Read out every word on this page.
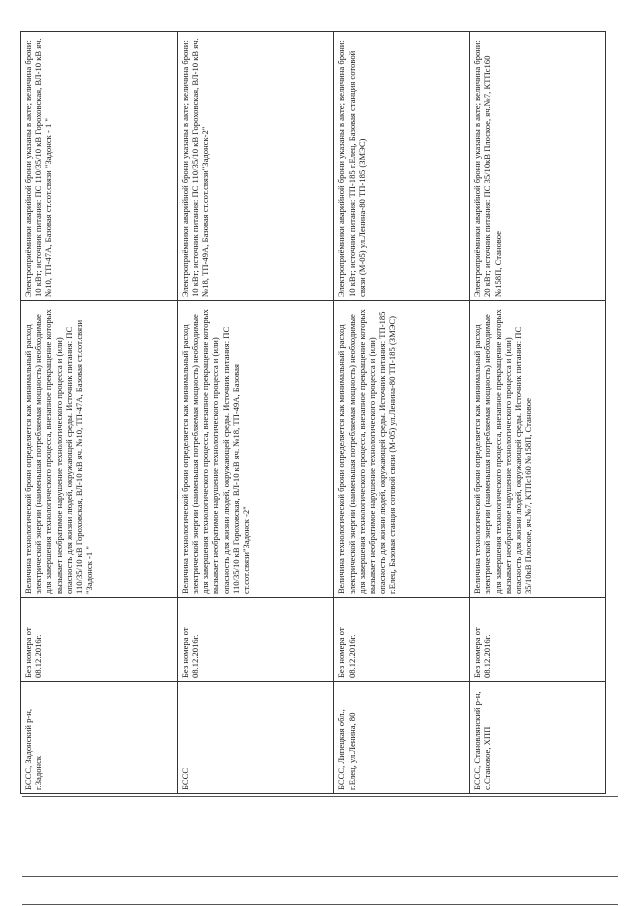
БССС, Задонский р-н, г.Задонск	Без номера от 08.12.2016г.	Величина технологической брони определяется как минимальный расход электрической энергии (наименьшая потребляемая мощность) необходимые для завершения технологического процесса, внезапное прекращение которых вызывает необратимое нарушение технологического процесса и (или) опасность для жизни людей, окружающей среды. Источник питания: ПС 110/35/10 кВ Гороховская, ВЛ-10 кВ яч. №10, ТП-47А, Базовая ст.сот.связи "Задонск -1 "	Электроприёмники аварийной брони указаны в акте; величина брони: 10 кВт; источник питания: ПС 110/35/10 кВ Гороховская, ВЛ-10 кВ яч. №10, ТП-47А, Базовая ст.сот.связи "Задонск - 1 "
БССС	Без номера от 08.12.2016г.	Величина технологической брони определяется как минимальный расход электрической энергии (наименьшая потребляемая мощность) необходимые для завершения технологического процесса, внезапное прекращение которых вызывает необратимое нарушение технологического процесса и (или) опасность для жизни людей, окружающей среды. Источник питания: ПС 110/35/10 кВ Гороховская, ВЛ-10 кВ яч. №18, ТП-49А, Базовая ст.сот.связи"Задонск -2"	Электроприёмники аварийной брони указаны в акте; величина брони: 10 кВт; источник питания: ПС 110/35/10 кВ Гороховская, ВЛ-10 кВ яч. №18, ТП-49А, Базовая ст.сот.связи"Задонск-2"
БССС, Липецкая обл., г.Елец, ул.Ленина, 80	Без номера от 08.12.2016г.	Величина технологической брони определяется как минимальный расход электрической энергии (наименьшая потребляемая мощность) необходимые для завершения технологического процесса, внезапное прекращение которых вызывает необратимое нарушение технологического процесса и (или) опасность для жизни людей, окружающей среды. Источник питания: ТП-185 г.Елец, Базовая станция сотовой связи (М-05) ул.Ленина-80 ТП-185 (ЗМЭС)	Электроприёмники аварийной брони указаны в акте; величина брони: 10 кВт; источник питания: ТП-185 г.Елец, Базовая станция сотовой связи (М-05) ул.Ленина-80 ТП-185 (ЗМЭС)
БССС, Становлянский р-н, с.Становое, ХПП	Без номера от 08.12.2016г.	Величина технологической брони определяется как минимальный расход электрической энергии (наименьшая потребляемая мощность) необходимые для завершения технологического процесса, внезапное прекращение которых вызывает необратимое нарушение технологического процесса и (или) опасность для жизни людей, окружающей среды. Источник питания: ПС 35/10кВ Плоское, яч.№7, КТПс160 №158П, Становое	Электроприёмники аварийной брони указаны в акте; величина брони: 20 кВт; источник питания: ПС 35/10кВ Плоское, яч.№7, КТПс160 №158П, Становое
